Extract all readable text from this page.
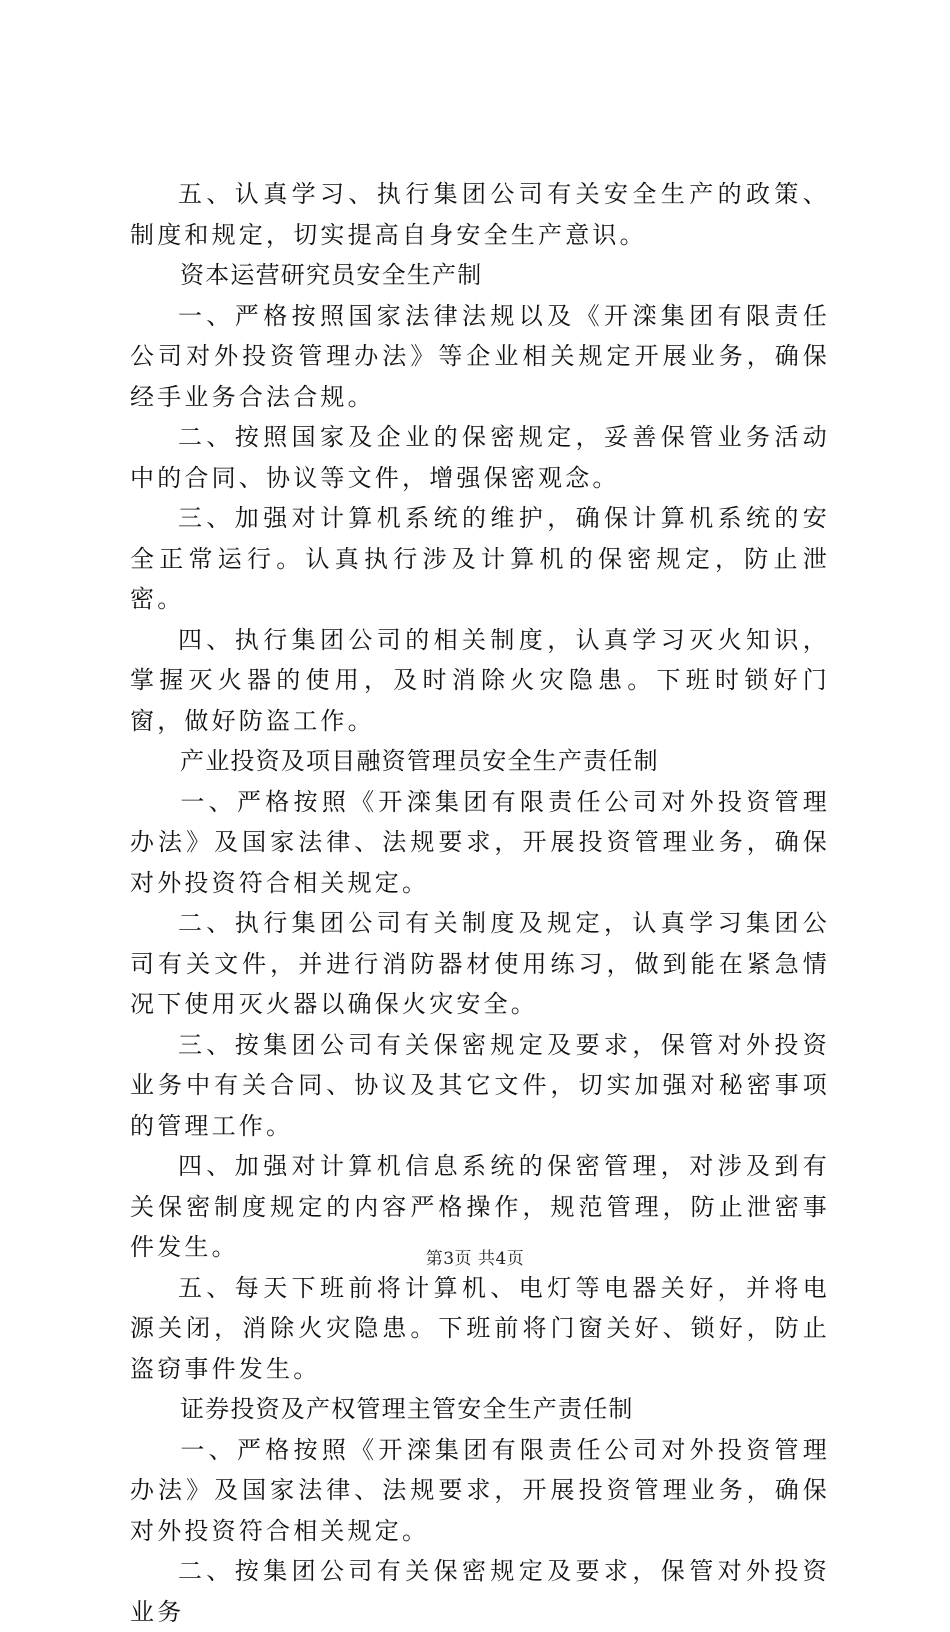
五、认真学习、执行集团公司有关安全生产的政策、制度和规定，切实提高自身安全生产意识。

资本运营研究员安全生产制

一、严格按照国家法律法规以及《开滦集团有限责任公司对外投资管理办法》等企业相关规定开展业务，确保经手业务合法合规。

二、按照国家及企业的保密规定，妥善保管业务活动中的合同、协议等文件，增强保密观念。

三、加强对计算机系统的维护，确保计算机系统的安全正常运行。认真执行涉及计算机的保密规定，防止泄密。

四、执行集团公司的相关制度，认真学习灭火知识，掌握灭火器的使用，及时消除火灾隐患。下班时锁好门窗，做好防盗工作。

产业投资及项目融资管理员安全生产责任制

一、严格按照《开滦集团有限责任公司对外投资管理办法》及国家法律、法规要求，开展投资管理业务，确保对外投资符合相关规定。

二、执行集团公司有关制度及规定，认真学习集团公司有关文件，并进行消防器材使用练习，做到能在紧急情况下使用灭火器以确保火灾安全。

三、按集团公司有关保密规定及要求，保管对外投资业务中有关合同、协议及其它文件，切实加强对秘密事项的管理工作。

四、加强对计算机信息系统的保密管理，对涉及到有关保密制度规定的内容严格操作，规范管理，防止泄密事件发生。

五、每天下班前将计算机、电灯等电器关好，并将电源关闭，消除火灾隐患。下班前将门窗关好、锁好，防止盗窃事件发生。

证券投资及产权管理主管安全生产责任制

一、严格按照《开滦集团有限责任公司对外投资管理办法》及国家法律、法规要求，开展投资管理业务，确保对外投资符合相关规定。

二、按集团公司有关保密规定及要求，保管对外投资业务

第3页 共4页
